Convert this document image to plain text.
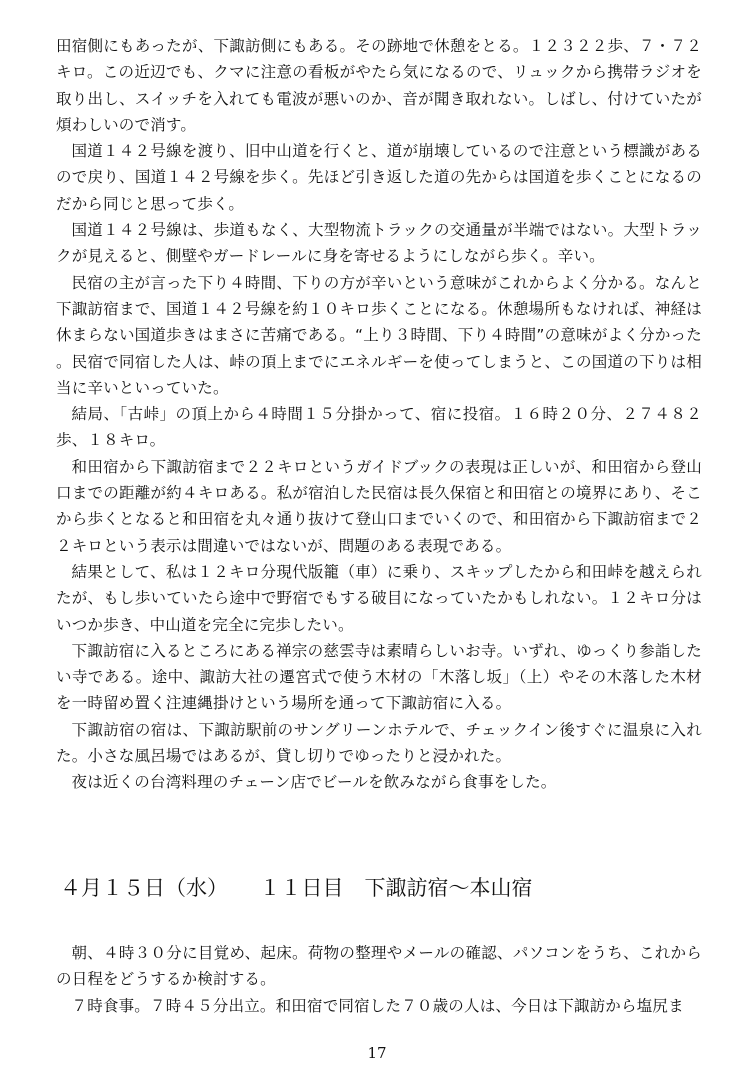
田宿側にもあったが、下諏訪側にもある。その跡地で休憩をとる。１２３２２歩、７・７２キロ。この近辺でも、クマに注意の看板がやたら気になるので、リュックから携帯ラジオを取り出し、スイッチを入れても電波が悪いのか、音が聞き取れない。しばし、付けていたが煩わしいので消す。

国道１４２号線を渡り、旧中山道を行くと、道が崩壊しているので注意という標識があるので戻り、国道１４２号線を歩く。先ほど引き返した道の先からは国道を歩くことになるのだから同じと思って歩く。

国道１４２号線は、歩道もなく、大型物流トラックの交通量が半端ではない。大型トラックが見えると、側壁やガードレールに身を寄せるようにしながら歩く。辛い。

民宿の主が言った下り４時間、下りの方が辛いという意味がこれからよく分かる。なんと下諏訪宿まで、国道１４２号線を約１０キロ歩くことになる。休憩場所もなければ、神経は休まらない国道歩きはまさに苦痛である。“上り３時間、下り４時間”の意味がよく分かった。民宿で同宿した人は、峠の頂上までにエネルギーを使ってしまうと、この国道の下りは相当に辛いといっていた。

結局、「古峠」の頂上から４時間１５分掛かって、宿に投宿。１６時２０分、２７４８２歩、１８キロ。

和田宿から下諏訪宿まで２２キロというガイドブックの表現は正しいが、和田宿から登山口までの距離が約４キロある。私が宿泊した民宿は長久保宿と和田宿との境界にあり、そこから歩くとなると和田宿を丸々通り抜けて登山口までいくので、和田宿から下諏訪宿まで２２キロという表示は間違いではないが、問題のある表現である。

結果として、私は１２キロ分現代版籠（車）に乗り、スキップしたから和田峠を越えられたが、もし歩いていたら途中で野宿でもする破目になっていたかもしれない。１２キロ分はいつか歩き、中山道を完全に完歩したい。

下諏訪宿に入るところにある禅宗の慈雲寺は素晴らしいお寺。いずれ、ゆっくり参詣したい寺である。途中、諏訪大社の遷宮式で使う木材の「木落し坂」（上）やその木落した木材を一時留め置く注連縄掛けという場所を通って下諏訪宿に入る。

下諏訪宿の宿は、下諏訪駅前のサングリーンホテルで、チェックイン後すぐに温泉に入れた。小さな風呂場ではあるが、貸し切りでゆったりと浸かれた。

夜は近くの台湾料理のチェーン店でビールを飲みながら食事をした。

４月１５日（水）　　１１日目　下諏訪宿〜本山宿

朝、４時３０分に目覚め、起床。荷物の整理やメールの確認、パソコンをうち、これからの日程をどうするか検討する。

７時食事。７時４５分出立。和田宿で同宿した７０歳の人は、今日は下諏訪から塩尻ま

17
